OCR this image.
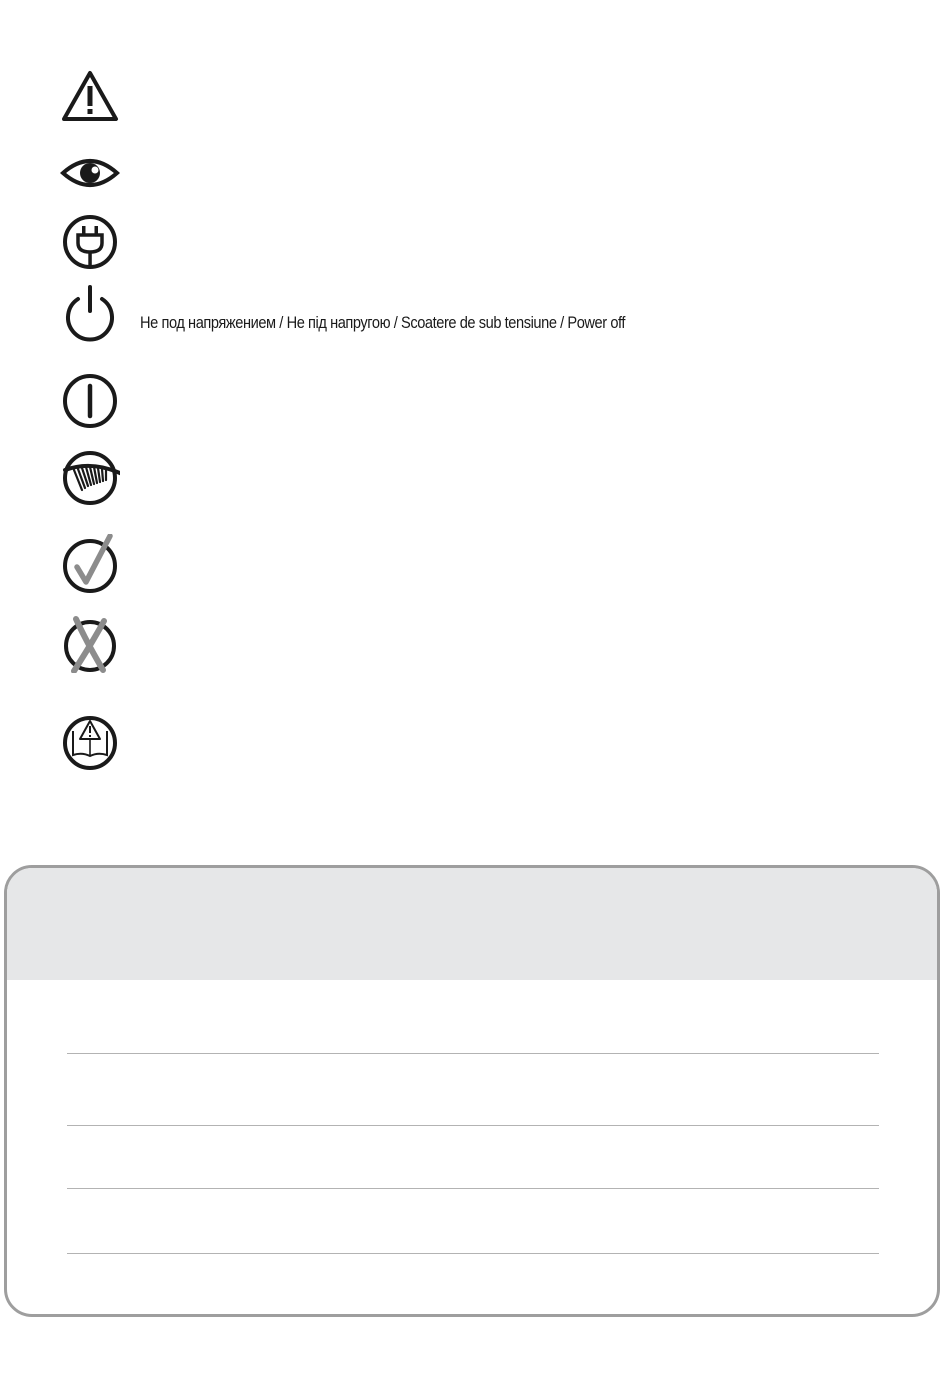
Не под напряжением / Не під напругою / Scoatere de sub tensiune / Power off
